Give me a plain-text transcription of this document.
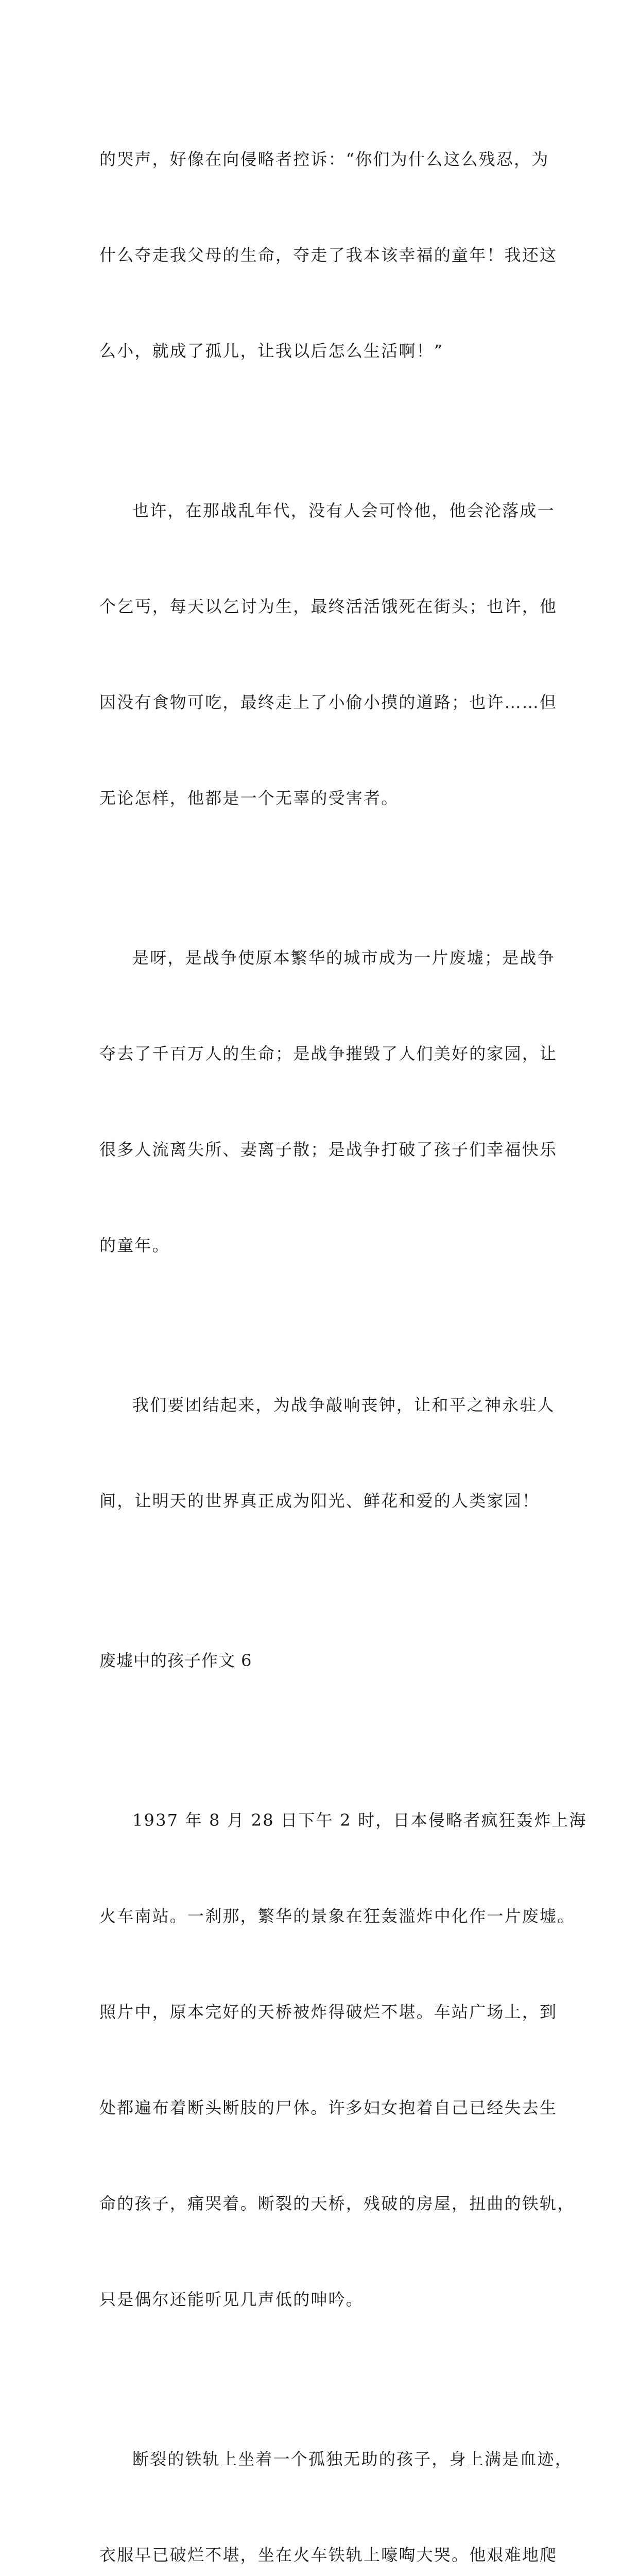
的哭声，好像在向侵略者控诉：“你们为什么这么残忍，为

什么夺走我父母的生命，夺走了我本该幸福的童年！我还这

么小，就成了孤儿，让我以后怎么生活啊！”

也许，在那战乱年代，没有人会可怜他，他会沦落成一

个乞丐，每天以乞讨为生，最终活活饿死在街头；也许，他

因没有食物可吃，最终走上了小偷小摸的道路；也许……但

无论怎样，他都是一个无辜的受害者。

是呀，是战争使原本繁华的城市成为一片废墟；是战争

夺去了千百万人的生命；是战争摧毁了人们美好的家园，让

很多人流离失所、妻离子散；是战争打破了孩子们幸福快乐

的童年。

我们要团结起来，为战争敲响丧钟，让和平之神永驻人

间，让明天的世界真正成为阳光、鲜花和爱的人类家园！

废墟中的孩子作文 6

1937 年 8 月 28 日下午 2 时，日本侵略者疯狂轰炸上海

火车南站。一刹那，繁华的景象在狂轰滥炸中化作一片废墟。

照片中，原本完好的天桥被炸得破烂不堪。车站广场上，到

处都遍布着断头断肢的尸体。许多妇女抱着自己已经失去生

命的孩子，痛哭着。断裂的天桥，残破的房屋，扭曲的铁轨，

只是偶尔还能听见几声低的呻吟。

断裂的铁轨上坐着一个孤独无助的孩子，身上满是血迹，

衣服早已破烂不堪，坐在火车铁轨上嚎啕大哭。他艰难地爬
